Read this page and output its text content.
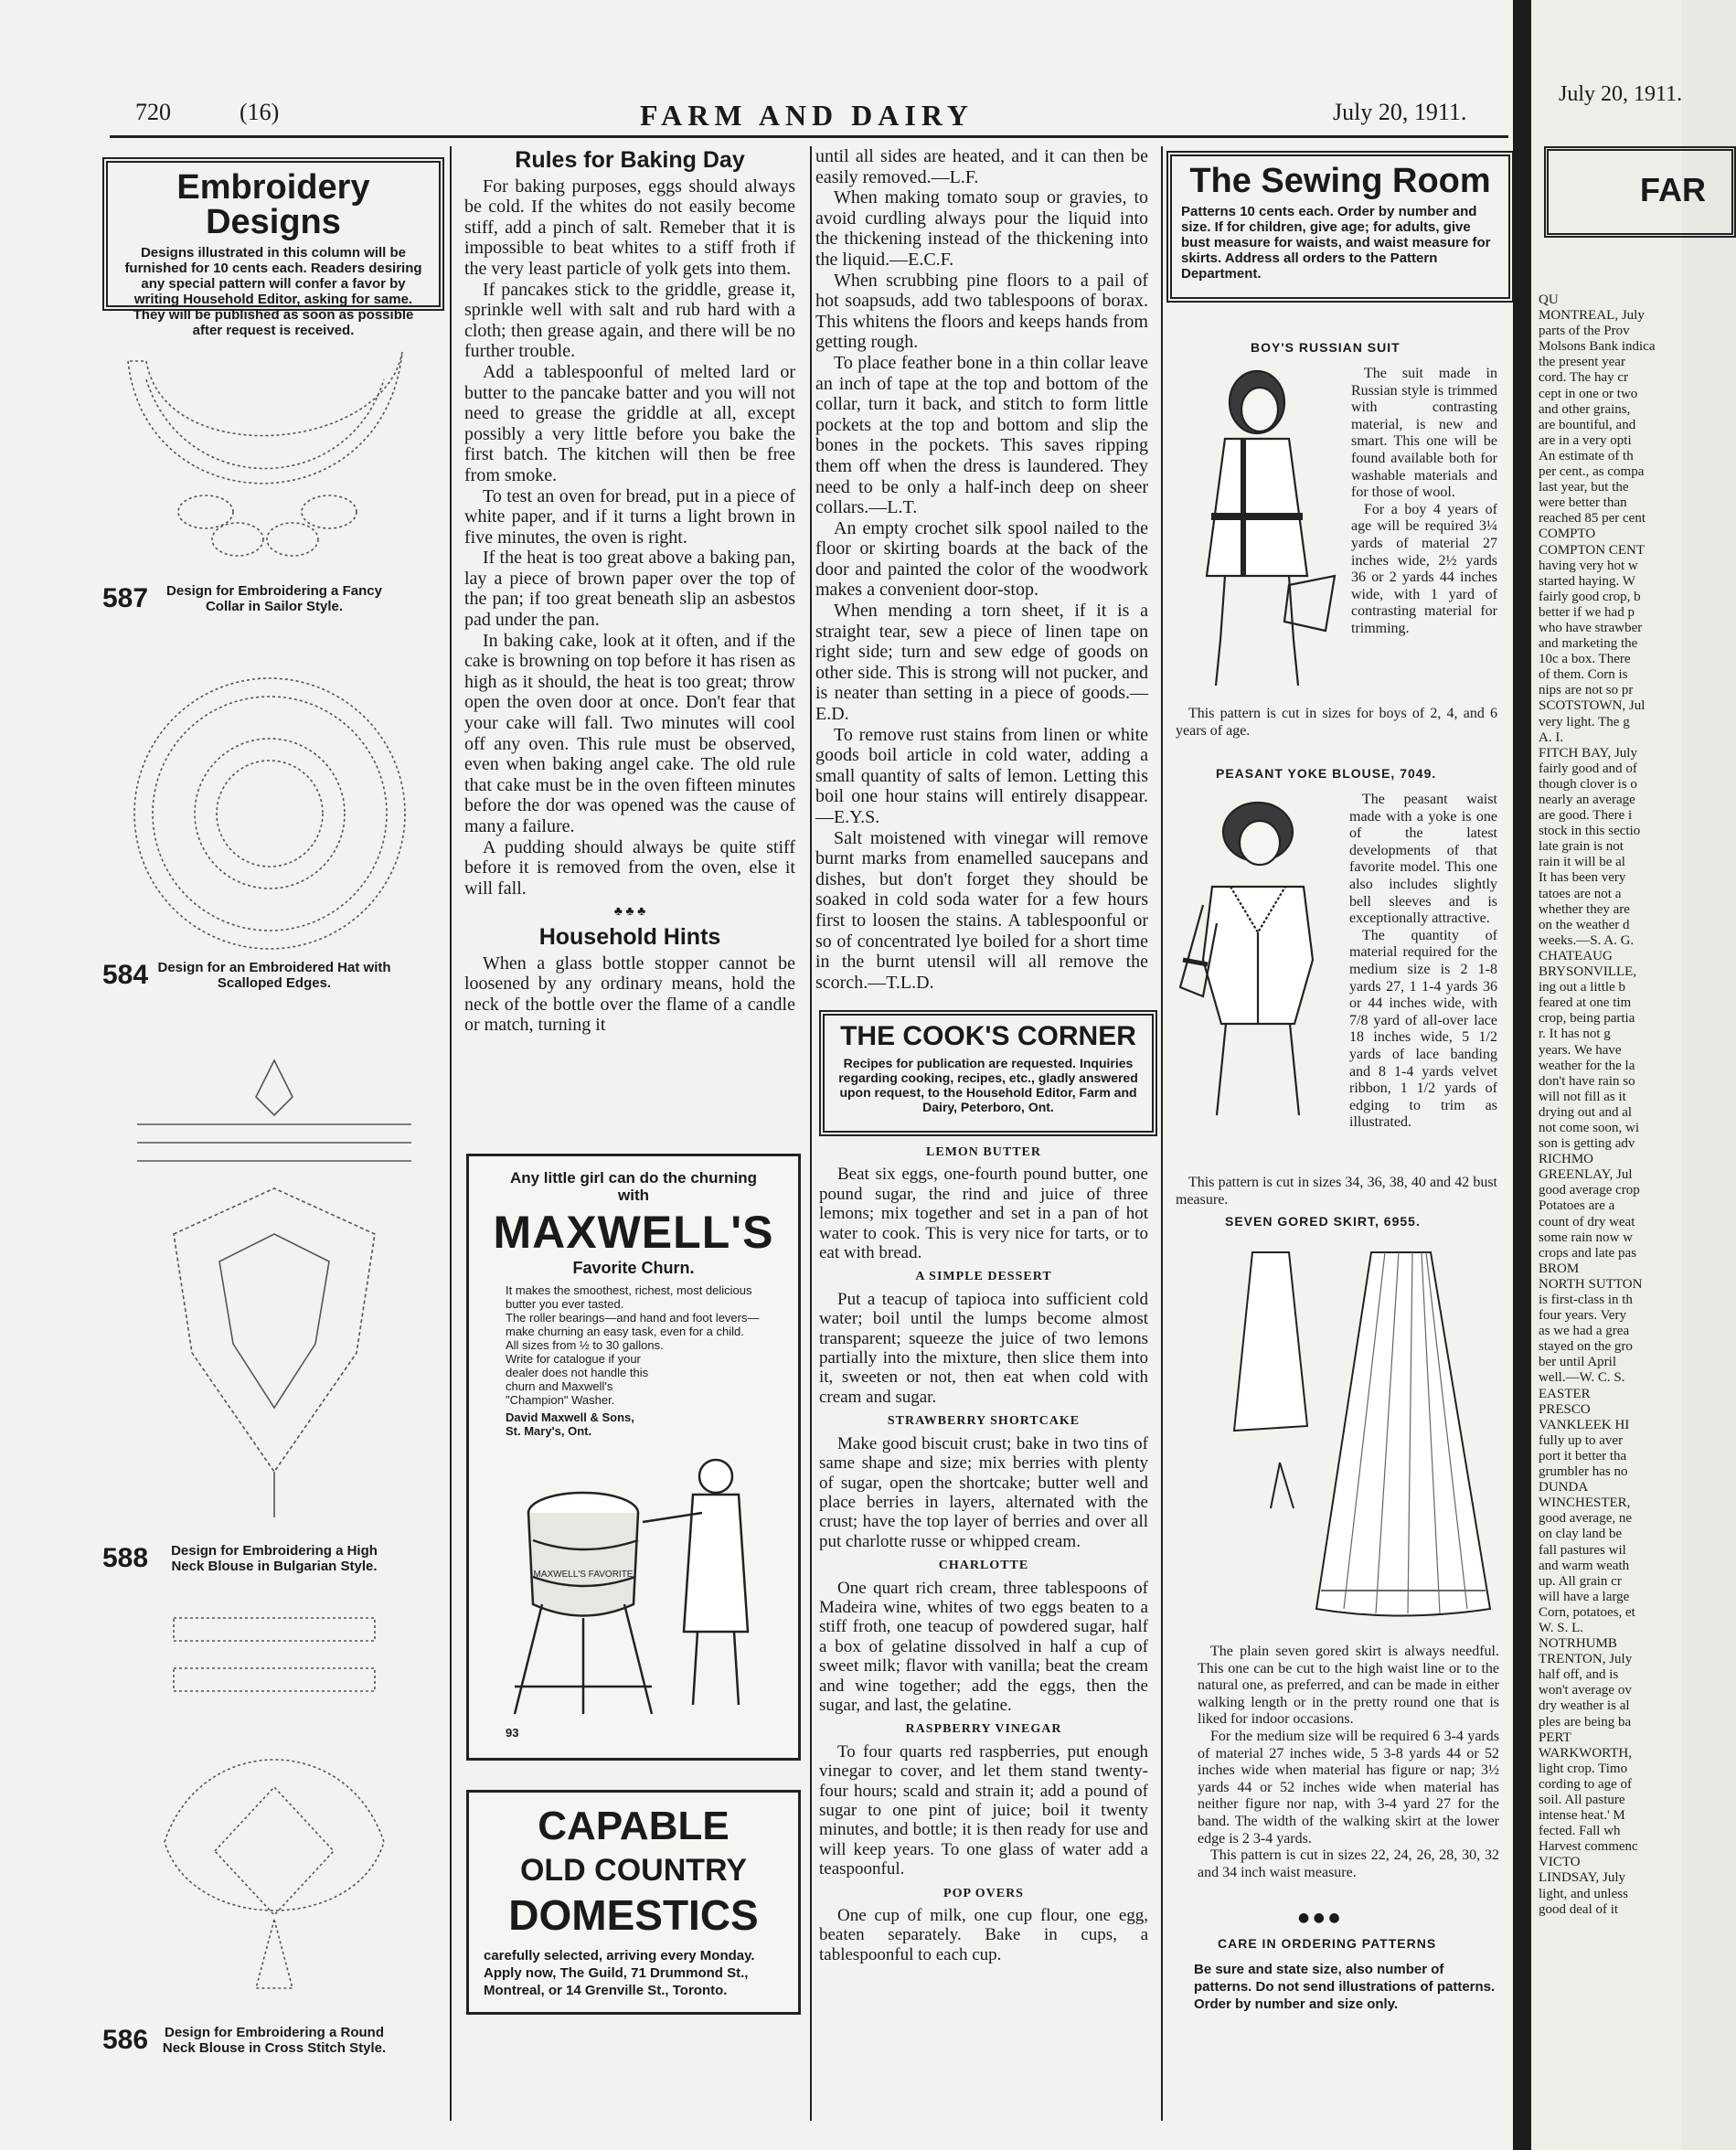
720	(16)	FARM AND DAIRY	July 20, 1911.
Embroidery Designs
Designs illustrated in this column will be furnished for 10 cents each. Readers desiring any special pattern will confer a favor by writing Household Editor, asking for same. They will be published as soon as possible after request is received.
587	Design for Embroidering a Fancy Collar in Sailor Style.
584 Design for an Embroidered Hat with Scalloped Edges.
588	Design for Embroidering a High Neck Blouse in Bulgarian Style.
586	Design for Embroidering a Round Neck Blouse in Cross Stitch Style.
Rules for Baking Day

For baking purposes, eggs should always be cold. If the whites do not easily become stiff, add a pinch of salt. Remeber that it is impossible to beat whites to a stiff froth if the very least particle of yolk gets into them.

If pancakes stick to the griddle, grease it, sprinkle well with salt and rub hard with a cloth; then grease again, and there will be no further trouble.

Add a tablespoonful of melted lard or butter to the pancake batter and you will not need to grease the griddle at all, except possibly a very little before you bake the first batch. The kitchen will then be free from smoke.

To test an oven for bread, put in a piece of white paper, and if it turns a light brown in five minutes, the oven is right.

If the heat is too great above a baking pan, lay a piece of brown paper over the top of the pan; if too great beneath slip an asbestos pad under the pan.

In baking cake, look at it often, and if the cake is browning on top before it has risen as high as it should, the heat is too great; throw open the oven door at once. Don't fear that your cake will fall. Two minutes will cool off any oven. This rule must be observed, even when baking angel cake. The old rule that cake must be in the oven fifteen minutes before the dor was opened was the cause of many a failure.

A pudding should always be quite stiff before it is removed from the oven, else it will fall.

♣ ♣ ♣
Household Hints

When a glass bottle stopper cannot be loosened by any ordinary means, hold the neck of the bottle over the flame of a candle or match, turning it

Any little girl can do the churning with
MAXWELL'S
Favorite Churn.
It makes the smoothest, richest, most delicious butter you ever tasted.
The roller bearings—and hand and foot levers—make churning an easy task, even for a child.
All sizes from ½ to 30 gallons.
Write for catalogue if your dealer does not handle this churn and Maxwell's "Champion" Washer.
David Maxwell & Sons, St. Mary's, Ont.
MAXWELL'S FAVORITE
93
CAPABLE
OLD COUNTRY
DOMESTICS
carefully selected, arriving every Monday. Apply now, The Guild, 71 Drummond St., Montreal, or 14 Grenville St., Toronto.

until all sides are heated, and it can then be easily removed.—L.F.

When making tomato soup or gravies, to avoid curdling always pour the liquid into the thickening instead of the thickening into the liquid.—E.C.F.

When scrubbing pine floors to a pail of hot soapsuds, add two tablespoons of borax. This whitens the floors and keeps hands from getting rough.

To place feather bone in a thin collar leave an inch of tape at the top and bottom of the collar, turn it back, and stitch to form little pockets at the top and bottom and slip the bones in the pockets. This saves ripping them off when the dress is laundered. They need to be only a half-inch deep on sheer collars.—L.T.

An empty crochet silk spool nailed to the floor or skirting boards at the back of the door and painted the color of the woodwork makes a convenient door-stop.

When mending a torn sheet, if it is a straight tear, sew a piece of linen tape on right side; turn and sew edge of goods on other side. This is strong will not pucker, and is neater than setting in a piece of goods.—E.D.

To remove rust stains from linen or white goods boil article in cold water, adding a small quantity of salts of lemon. Letting this boil one hour stains will entirely disappear.—E.Y.S.

Salt moistened with vinegar will remove burnt marks from enamelled saucepans and dishes, but don't forget they should be soaked in cold soda water for a few hours first to loosen the stains. A tablespoonful or so of concentrated lye boiled for a short time in the burnt utensil will all remove the scorch.—T.L.D.

THE COOK'S CORNER
Recipes for publication are requested. Inquiries regarding cooking, recipes, etc., gladly answered upon request, to the Household Editor, Farm and Dairy, Peterboro, Ont.
LEMON BUTTER

Beat six eggs, one-fourth pound butter, one pound sugar, the rind and juice of three lemons; mix together and set in a pan of hot water to cook. This is very nice for tarts, or to eat with bread.

A SIMPLE DESSERT

Put a teacup of tapioca into sufficient cold water; boil until the lumps become almost transparent; squeeze the juice of two lemons partially into the mixture, then slice them into it, sweeten or not, then eat when cold with cream and sugar.

STRAWBERRY SHORTCAKE

Make good biscuit crust; bake in two tins of same shape and size; mix berries with plenty of sugar, open the shortcake; butter well and place berries in layers, alternated with the crust; have the top layer of berries and over all put charlotte russe or whipped cream.

CHARLOTTE

One quart rich cream, three tablespoons of Madeira wine, whites of two eggs beaten to a stiff froth, one teacup of powdered sugar, half a box of gelatine dissolved in half a cup of sweet milk; flavor with vanilla; beat the cream and wine together; add the eggs, then the sugar, and last, the gelatine.

RASPBERRY VINEGAR

To four quarts red raspberries, put enough vinegar to cover, and let them stand twenty-four hours; scald and strain it; add a pound of sugar to one pint of juice; boil it twenty minutes, and bottle; it is then ready for use and will keep years. To one glass of water add a teaspoonful.

POP OVERS

One cup of milk, one cup flour, one egg, beaten separately. Bake in cups, a tablespoonful to each cup.

The Sewing Room
Patterns 10 cents each. Order by number and size. If for children, give age; for adults, give bust measure for waists, and waist measure for skirts. Address all orders to the Pattern Department.
BOY'S RUSSIAN SUIT

The suit made in Russian style is trimmed with contrasting material, is new and smart. This one will be found available both for washable materials and for those of wool.

For a boy 4 years of age will be required 3¼ yards of material 27 inches wide, 2½ yards 36 or 2 yards 44 inches wide, with 1 yard of contrasting material for trimming.

This pattern is cut in sizes for boys of 2, 4, and 6 years of age.

PEASANT YOKE BLOUSE, 7049.

The peasant waist made with a yoke is one of the latest developments of that favorite model. This one also includes slightly bell sleeves and is exceptionally attractive.

The quantity of material required for the medium size is 2 1-8 yards 27, 1 1-4 yards 36 or 44 inches wide, with 7/8 yard of all-over lace 18 inches wide, 5 1/2 yards of lace banding and 8 1-4 yards velvet ribbon, 1 1/2 yards of edging to trim as illustrated.

This pattern is cut in sizes 34, 36, 38, 40 and 42 bust measure.

SEVEN GORED SKIRT, 6955.

The plain seven gored skirt is always needful. This one can be cut to the high waist line or to the natural one, as preferred, and can be made in either walking length or in the pretty round one that is liked for indoor occasions.

For the medium size will be required 6 3-4 yards of material 27 inches wide, 5 3-8 yards 44 or 52 inches wide when material has figure or nap; 3½ yards 44 or 52 inches wide when material has neither figure nor nap, with 3-4 yard 27 for the band. The width of the walking skirt at the lower edge is 2 3-4 yards.

This pattern is cut in sizes 22, 24, 26, 28, 30, 32 and 34 inch waist measure.

● ● ●
CARE IN ORDERING PATTERNS
Be sure and state size, also number of patterns. Do not send illustrations of patterns. Order by number and size only.
July 20, 1911.
FAR
QU
MONTREAL, July
parts of the Prov
Molsons Bank indica
the present year
cord. The hay cr
cept in one or two
and other grains,
are bountiful, and
are in a very opti
An estimate of th
per cent., as compa
last year, but the
were better than
reached 85 per cent
COMPTO
COMPTON CENT
having very hot w
started haying. W
fairly good crop, b
better if we had p
who have strawber
and marketing the
10c a box. There
of them. Corn is
nips are not so pr
SCOTSTOWN, Jul
very light. The g
A. I.
FITCH BAY, July
fairly good and of
though clover is o
nearly an average
are good. There i
stock in this sectio
late grain is not
rain it will be al
It has been very
tatoes are not a
whether they are
on the weather d
weeks.—S. A. G.
CHATEAUG
BRYSONVILLE,
ing out a little b
feared at one tim
crop, being partia
r. It has not g
years. We have
weather for the la
don't have rain so
will not fill as it
drying out and al
not come soon, wi
son is getting adv
RICHMO
GREENLAY, Jul
good average crop
Potatoes are a
count of dry weat
some rain now w
crops and late pas
BROM
NORTH SUTTON
is first-class in th
four years. Very
as we had a grea
stayed on the gro
ber until April
well.—W. C. S.
EASTER
PRESCO
VANKLEEK HI
fully up to aver
port it better tha
grumbler has no
DUNDA
WINCHESTER,
good average, ne
on clay land be
fall pastures wil
and warm weath
up. All grain cr
will have a large
Corn, potatoes, et
W. S. L.
NOTRHUMB
TRENTON, July
half off, and is
won't average ov
dry weather is al
ples are being ba
PERT
WARKWORTH,
light crop. Timo
cording to age of
soil. All pasture
intense heat.' M
fected. Fall wh
Harvest commenc
VICTO
LINDSAY, July
light, and unless
good deal of it
